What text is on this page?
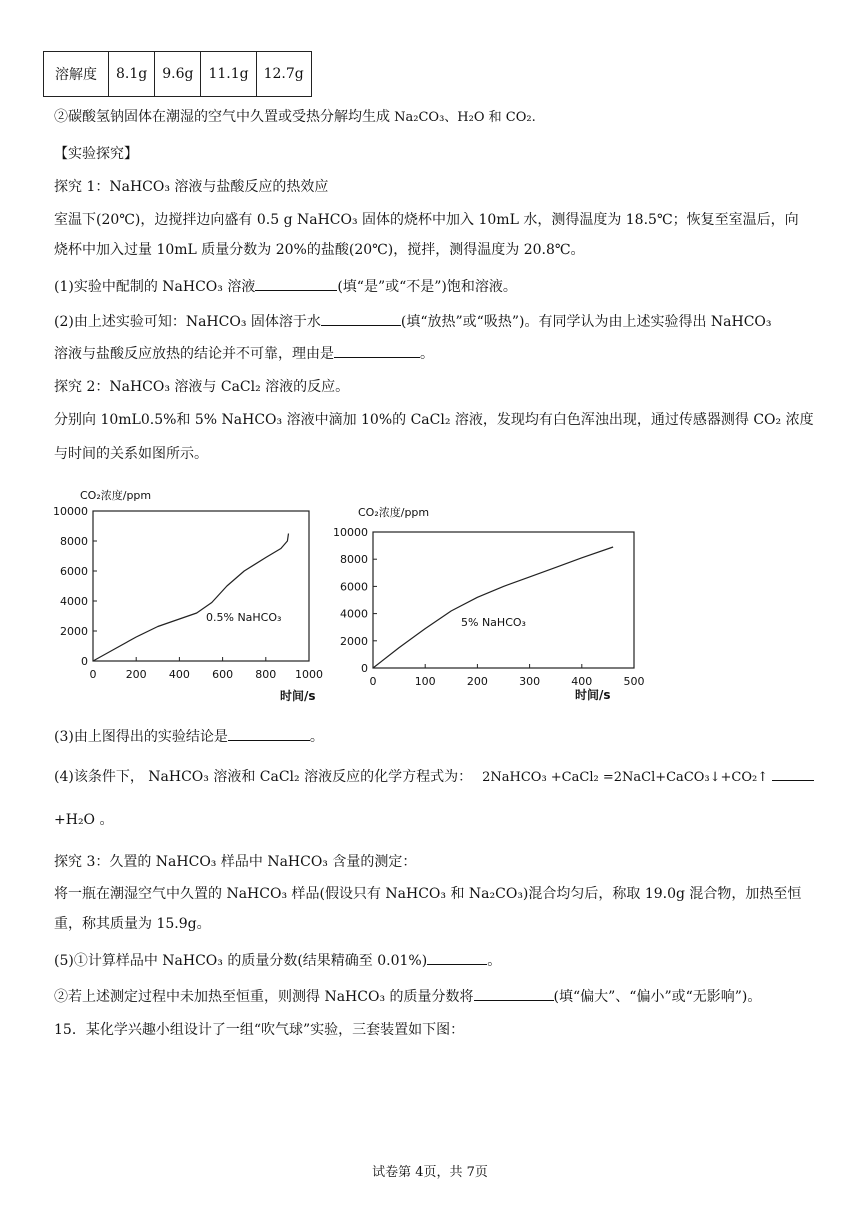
溶解度	8.1g	9.6g	11.1g	12.7g
②碳酸氢钠固体在潮湿的空气中久置或受热分解均生成 Na₂CO₃、H₂O 和 CO₂.
【实验探究】
探究 1：NaHCO₃ 溶液与盐酸反应的热效应
室温下(20℃)，边搅拌边向盛有 0.5 g NaHCO₃ 固体的烧杯中加入 10mL 水，测得温度为 18.5℃；恢复至室温后，向
烧杯中加入过量 10mL 质量分数为 20%的盐酸(20℃)，搅拌，测得温度为 20.8℃。
(1)实验中配制的 NaHCO₃ 溶液	(填“是”或“不是”)饱和溶液。
(2)由上述实验可知：NaHCO₃ 固体溶于水	(填“放热”或“吸热”)。有同学认为由上述实验得出 NaHCO₃
溶液与盐酸反应放热的结论并不可靠，理由是	。
探究 2：NaHCO₃ 溶液与 CaCl₂ 溶液的反应。
分别向 10mL0.5%和 5% NaHCO₃ 溶液中滴加 10%的 CaCl₂ 溶液，发现均有白色浑浊出现，通过传感器测得 CO₂ 浓度
与时间的关系如图所示。
0
2000
4000
6000
8000
10000
0	200 400 600 800 1000
CO₂浓度/ppm
时间/s
0.5% NaHCO₃
0
2000
4000
6000
8000
10000
0	100	200	300	400	500
CO₂浓度/ppm
时间/s
5% NaHCO₃
(3)由上图得出的实验结论是	。
(4)该条件下， NaHCO₃ 溶液和 CaCl₂ 溶液反应的化学方程式为： 2NaHCO₃ +CaCl₂ =2NaCl+CaCO₃↓+CO₂↑
+H₂O 。
探究 3：久置的 NaHCO₃ 样品中 NaHCO₃ 含量的测定：
将一瓶在潮湿空气中久置的 NaHCO₃ 样品(假设只有 NaHCO₃ 和 Na₂CO₃)混合均匀后，称取 19.0g 混合物，加热至恒
重，称其质量为 15.9g。
(5)①计算样品中 NaHCO₃ 的质量分数(结果精确至 0.01%)	。
②若上述测定过程中未加热至恒重，则测得 NaHCO₃ 的质量分数将	(填“偏大”、“偏小”或“无影响”)。
15．某化学兴趣小组设计了一组“吹气球”实验，三套装置如下图：
试卷第 4页，共 7页
